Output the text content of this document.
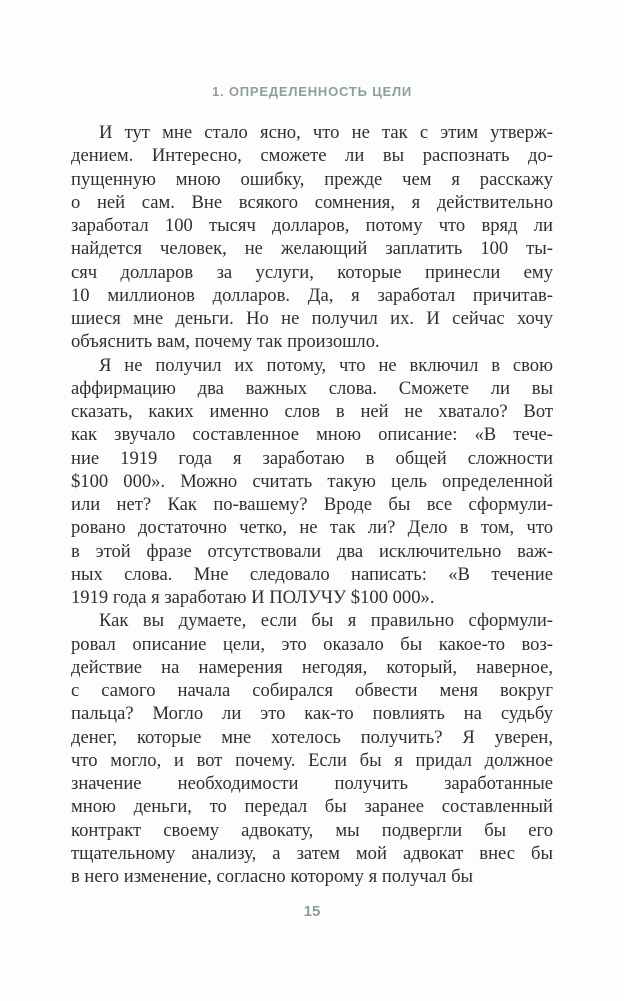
1. ОПРЕДЕЛЕННОСТЬ ЦЕЛИ
И тут мне стало ясно, что не так с этим утверж-
дением. Интересно, сможете ли вы распознать до-
пущенную мною ошибку, прежде чем я расскажу
о ней сам. Вне всякого сомнения, я действительно
заработал 100 тысяч долларов, потому что вряд ли
найдется человек, не желающий заплатить 100 ты-
сяч долларов за услуги, которые принесли ему
10 миллионов долларов. Да, я заработал причитав-
шиеся мне деньги. Но не получил их. И сейчас хочу
объяснить вам, почему так произошло.
Я не получил их потому, что не включил в свою
аффирмацию два важных слова. Сможете ли вы
сказать, каких именно слов в ней не хватало? Вот
как звучало составленное мною описание: «В тече-
ние 1919 года я заработаю в общей сложности
$100 000». Можно считать такую цель определенной
или нет? Как по-вашему? Вроде бы все сформули-
ровано достаточно четко, не так ли? Дело в том, что
в этой фразе отсутствовали два исключительно важ-
ных слова. Мне следовало написать: «В течение
1919 года я заработаю И ПОЛУЧУ $100 000».
Как вы думаете, если бы я правильно сформули-
ровал описание цели, это оказало бы какое-то воз-
действие на намерения негодяя, который, наверное,
с самого начала собирался обвести меня вокруг
пальца? Могло ли это как-то повлиять на судьбу
денег, которые мне хотелось получить? Я уверен,
что могло, и вот почему. Если бы я придал должное
значение необходимости получить заработанные
мною деньги, то передал бы заранее составленный
контракт своему адвокату, мы подвергли бы его
тщательному анализу, а затем мой адвокат внес бы
в него изменение, согласно которому я получал бы
15
